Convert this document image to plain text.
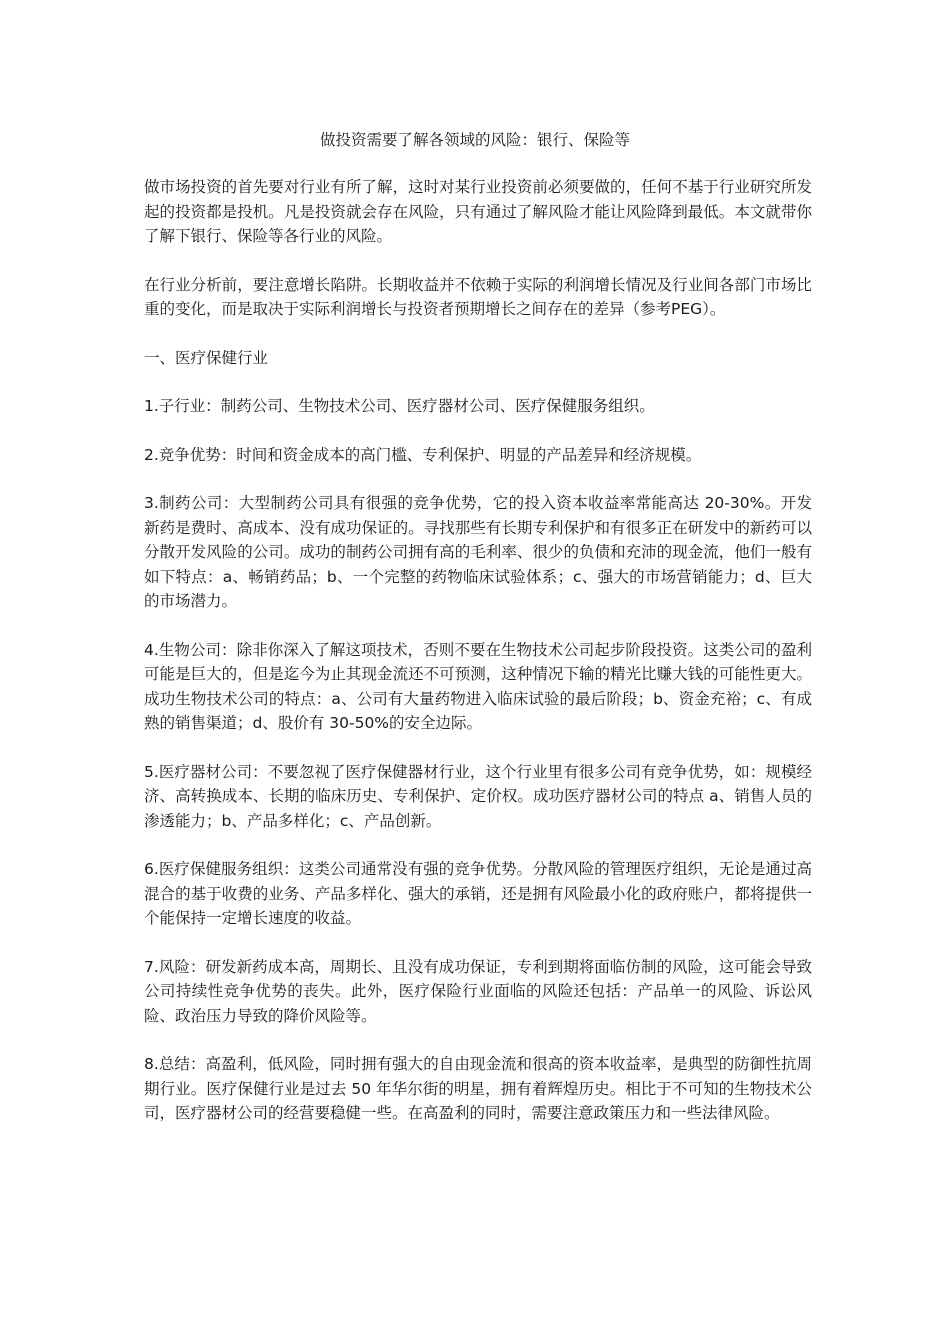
做投资需要了解各领域的风险：银行、保险等

做市场投资的首先要对行业有所了解，这时对某行业投资前必须要做的，任何不基于行业研究所发起的投资都是投机。凡是投资就会存在风险，只有通过了解风险才能让风险降到最低。本文就带你了解下银行、保险等各行业的风险。

在行业分析前，要注意增长陷阱。长期收益并不依赖于实际的利润增长情况及行业间各部门市场比重的变化，而是取决于实际利润增长与投资者预期增长之间存在的差异（参考PEG）。

一、医疗保健行业

1.子行业：制药公司、生物技术公司、医疗器材公司、医疗保健服务组织。

2.竞争优势：时间和资金成本的高门槛、专利保护、明显的产品差异和经济规模。

3.制药公司：大型制药公司具有很强的竞争优势，它的投入资本收益率常能高达 20-30%。开发新药是费时、高成本、没有成功保证的。寻找那些有长期专利保护和有很多正在研发中的新药可以分散开发风险的公司。成功的制药公司拥有高的毛利率、很少的负债和充沛的现金流，他们一般有如下特点：a、畅销药品；b、一个完整的药物临床试验体系；c、强大的市场营销能力；d、巨大的市场潜力。

4.生物公司：除非你深入了解这项技术，否则不要在生物技术公司起步阶段投资。这类公司的盈利可能是巨大的，但是迄今为止其现金流还不可预测，这种情况下输的精光比赚大钱的可能性更大。成功生物技术公司的特点：a、公司有大量药物进入临床试验的最后阶段；b、资金充裕；c、有成熟的销售渠道；d、股价有 30-50%的安全边际。

5.医疗器材公司：不要忽视了医疗保健器材行业，这个行业里有很多公司有竞争优势，如：规模经济、高转换成本、长期的临床历史、专利保护、定价权。成功医疗器材公司的特点 a、销售人员的渗透能力；b、产品多样化；c、产品创新。

6.医疗保健服务组织：这类公司通常没有强的竞争优势。分散风险的管理医疗组织，无论是通过高混合的基于收费的业务、产品多样化、强大的承销，还是拥有风险最小化的政府账户，都将提供一个能保持一定增长速度的收益。

7.风险：研发新药成本高，周期长、且没有成功保证，专利到期将面临仿制的风险，这可能会导致公司持续性竞争优势的丧失。此外，医疗保险行业面临的风险还包括：产品单一的风险、诉讼风险、政治压力导致的降价风险等。

8.总结：高盈利，低风险，同时拥有强大的自由现金流和很高的资本收益率，是典型的防御性抗周期行业。医疗保健行业是过去 50 年华尔街的明星，拥有着辉煌历史。相比于不可知的生物技术公司，医疗器材公司的经营要稳健一些。在高盈利的同时，需要注意政策压力和一些法律风险。
